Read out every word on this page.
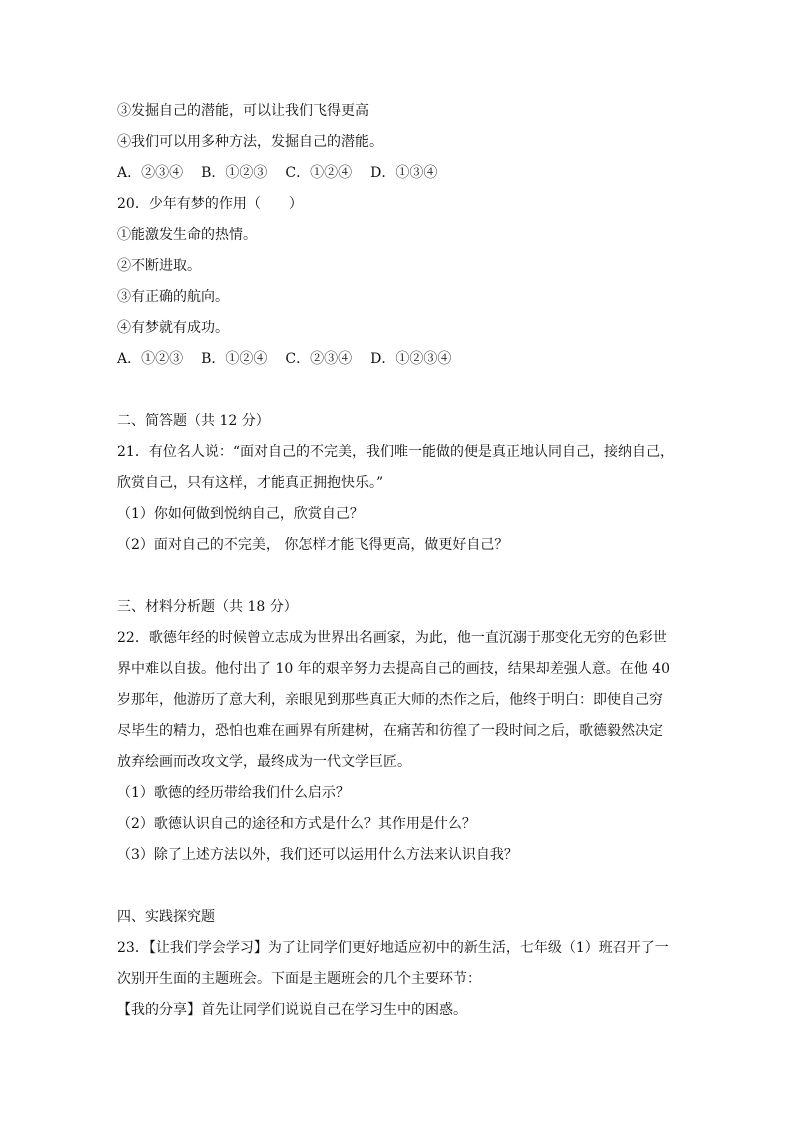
③发掘自己的潜能，可以让我们飞得更高
④我们可以用多种方法，发掘自己的潜能。
A．②③④ B．①②③ C．①②④ D．①③④
20．少年有梦的作用（　　）
①能激发生命的热情。
②不断进取。
③有正确的航向。
④有梦就有成功。
A．①②③ B．①②④ C．②③④ D．①②③④
二、简答题（共 12 分）
21．有位名人说：“面对自己的不完美，我们唯一能做的便是真正地认同自己，接纳自己，
欣赏自己，只有这样，才能真正拥抱快乐。”
（1）你如何做到悦纳自己，欣赏自己？
（2）面对自己的不完美， 你怎样才能飞得更高，做更好自己？
三、材料分析题（共 18 分）
22．歌德年经的时候曾立志成为世界出名画家，为此，他一直沉溺于那变化无穷的色彩世
界中难以自拔。他付出了 10 年的艰辛努力去提高自己的画技，结果却差强人意。在他 40
岁那年，他游历了意大利，亲眼见到那些真正大师的杰作之后，他终于明白：即使自己穷
尽毕生的精力，恐怕也难在画界有所建树，在痛苦和彷徨了一段时间之后，歌德毅然决定
放弃绘画而改攻文学，最终成为一代文学巨匠。
（1）歌德的经历带给我们什么启示？
（2）歌德认识自己的途径和方式是什么？其作用是什么？
（3）除了上述方法以外，我们还可以运用什么方法来认识自我？
四、实践探究题
23．【让我们学会学习】为了让同学们更好地适应初中的新生活，七年级（1）班召开了一
次别开生面的主题班会。下面是主题班会的几个主要环节：
【我的分享】首先让同学们说说自己在学习生中的困惑。
